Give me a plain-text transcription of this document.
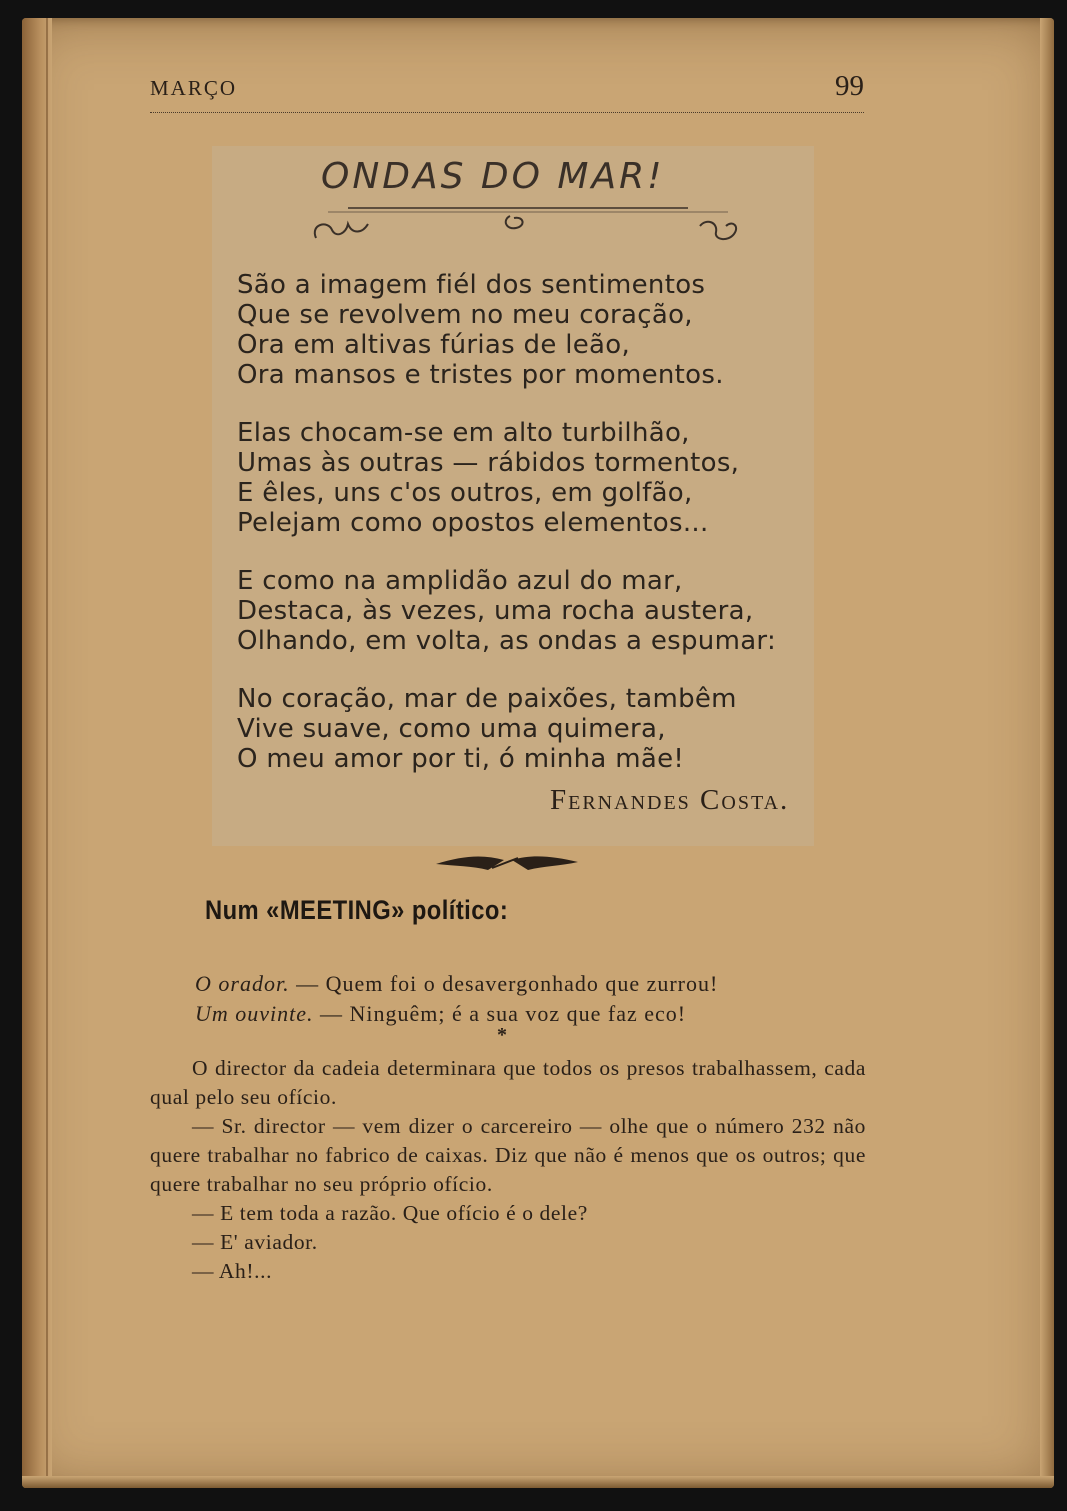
MARÇO	99

ONDAS DO MAR!

São a imagem fiél dos sentimentos

Que se revolvem no meu coração,

Ora em altivas fúrias de leão,

Ora mansos e tristes por momentos.

Elas chocam-se em alto turbilhão,

Umas às outras — rábidos tormentos,

E êles, uns c'os outros, em golfão,

Pelejam como opostos elementos...

E como na amplidão azul do mar,

Destaca, às vezes, uma rocha austera,

Olhando, em volta, as ondas a espumar:

No coração, mar de paixões, tambêm

Vive suave, como uma quimera,

O meu amor por ti, ó minha mãe!

Fernandes Costa.

Num «MEETING» político:

O orador. — Quem foi o desavergonhado que zurrou!

Um ouvinte. — Ninguêm; é a sua voz que faz eco!

*

O director da cadeia determinara que todos os presos trabalhassem, cada qual pelo seu ofício.

— Sr. director — vem dizer o carcereiro — olhe que o número 232 não quere trabalhar no fabrico de caixas. Diz que não é menos que os outros; que quere trabalhar no seu próprio ofício.

— E tem toda a razão. Que ofício é o dele?

— E' aviador.

— Ah!...
